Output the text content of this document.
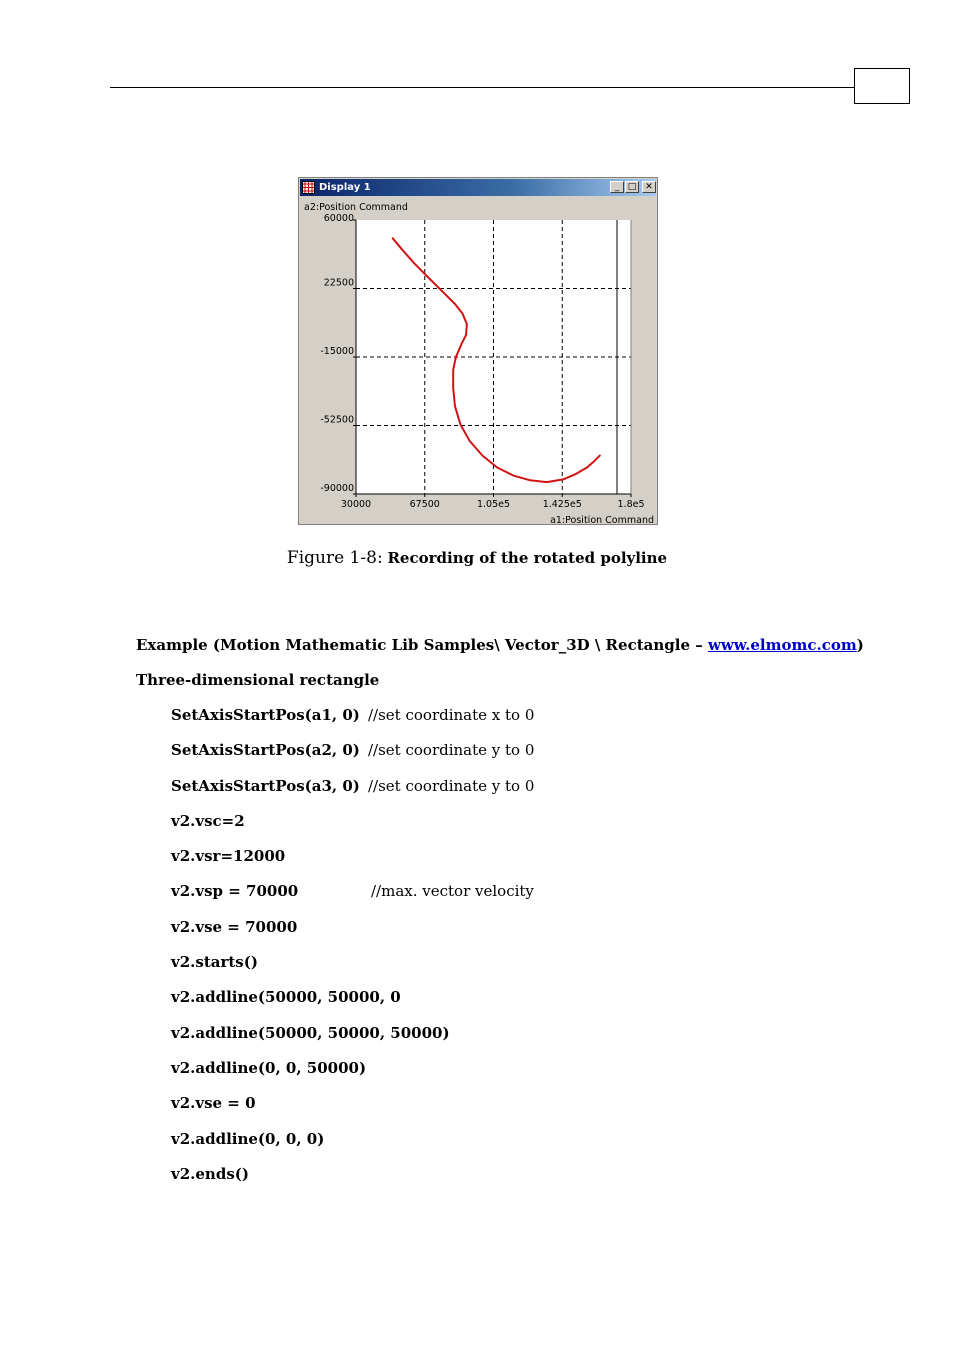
Display 1	_ □ ✕
30000	67500	1.05e5	1.425e5	1.8e5
60000
22500
-15000
-52500
-90000
a2:Position Command
a1:Position Command
Figure 1-8: Recording of the rotated polyline
Example (Motion Mathematic Lib Samples\ Vector_3D \ Rectangle – www.elmomc.com)
Three-dimensional rectangle
SetAxisStartPos(a1, 0) //set coordinate x to 0
SetAxisStartPos(a2, 0) //set coordinate y to 0
SetAxisStartPos(a3, 0) //set coordinate y to 0
v2.vsc=2
v2.vsr=12000
v2.vsp = 70000	//max. vector velocity
v2.vse = 70000
v2.starts()
v2.addline(50000, 50000, 0
v2.addline(50000, 50000, 50000)
v2.addline(0, 0, 50000)
v2.vse = 0
v2.addline(0, 0, 0)
v2.ends()
